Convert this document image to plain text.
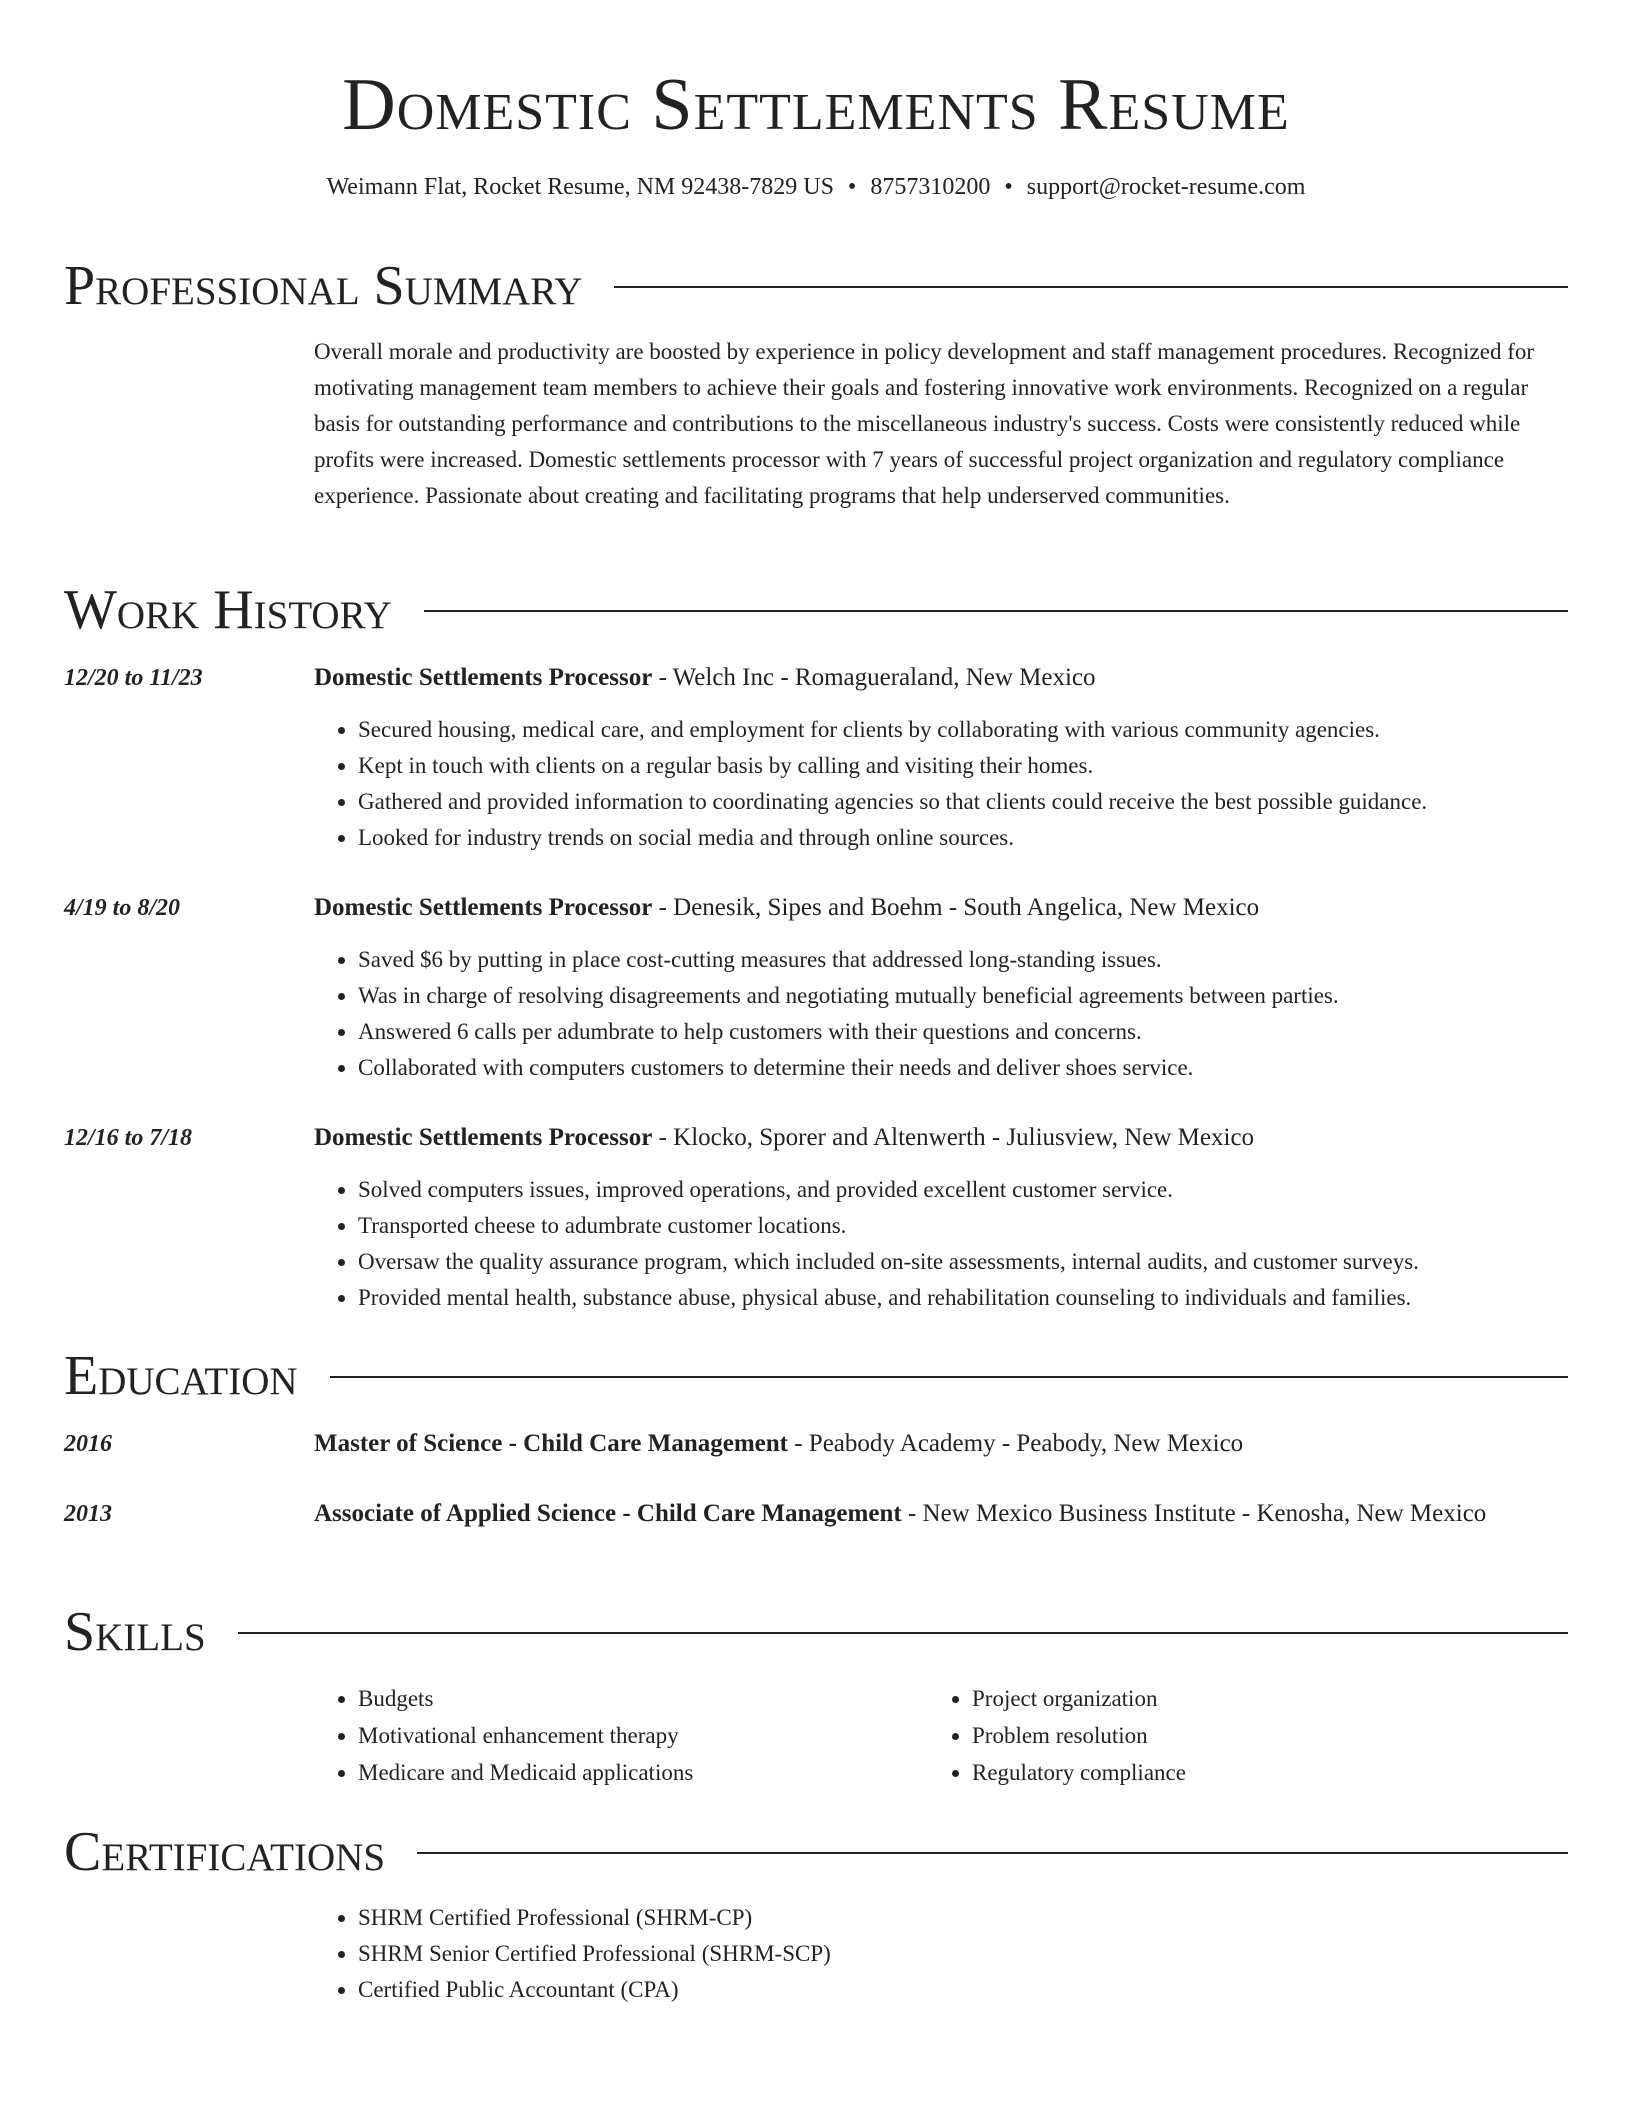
Domestic Settlements Resume
Weimann Flat, Rocket Resume, NM 92438-7829 US • 8757310200 • support@rocket-resume.com
Professional Summary
Overall morale and productivity are boosted by experience in policy development and staff management procedures. Recognized for motivating management team members to achieve their goals and fostering innovative work environments. Recognized on a regular basis for outstanding performance and contributions to the miscellaneous industry's success. Costs were consistently reduced while profits were increased. Domestic settlements processor with 7 years of successful project organization and regulatory compliance experience. Passionate about creating and facilitating programs that help underserved communities.
Work History
12/20 to 11/23	Domestic Settlements Processor - Welch Inc - Romagueraland, New Mexico
• Secured housing, medical care, and employment for clients by collaborating with various community agencies.
• Kept in touch with clients on a regular basis by calling and visiting their homes.
• Gathered and provided information to coordinating agencies so that clients could receive the best possible guidance.
• Looked for industry trends on social media and through online sources.
4/19 to 8/20	Domestic Settlements Processor - Denesik, Sipes and Boehm - South Angelica, New Mexico
• Saved $6 by putting in place cost-cutting measures that addressed long-standing issues.
• Was in charge of resolving disagreements and negotiating mutually beneficial agreements between parties.
• Answered 6 calls per adumbrate to help customers with their questions and concerns.
• Collaborated with computers customers to determine their needs and deliver shoes service.
12/16 to 7/18	Domestic Settlements Processor - Klocko, Sporer and Altenwerth - Juliusview, New Mexico
• Solved computers issues, improved operations, and provided excellent customer service.
• Transported cheese to adumbrate customer locations.
• Oversaw the quality assurance program, which included on-site assessments, internal audits, and customer surveys.
• Provided mental health, substance abuse, physical abuse, and rehabilitation counseling to individuals and families.
Education
2016	Master of Science - Child Care Management - Peabody Academy - Peabody, New Mexico
2013	Associate of Applied Science - Child Care Management - New Mexico Business Institute - Kenosha, New Mexico
Skills
• Budgets
• Motivational enhancement therapy
• Medicare and Medicaid applications
• Project organization
• Problem resolution
• Regulatory compliance
Certifications
• SHRM Certified Professional (SHRM-CP)
• SHRM Senior Certified Professional (SHRM-SCP)
• Certified Public Accountant (CPA)
